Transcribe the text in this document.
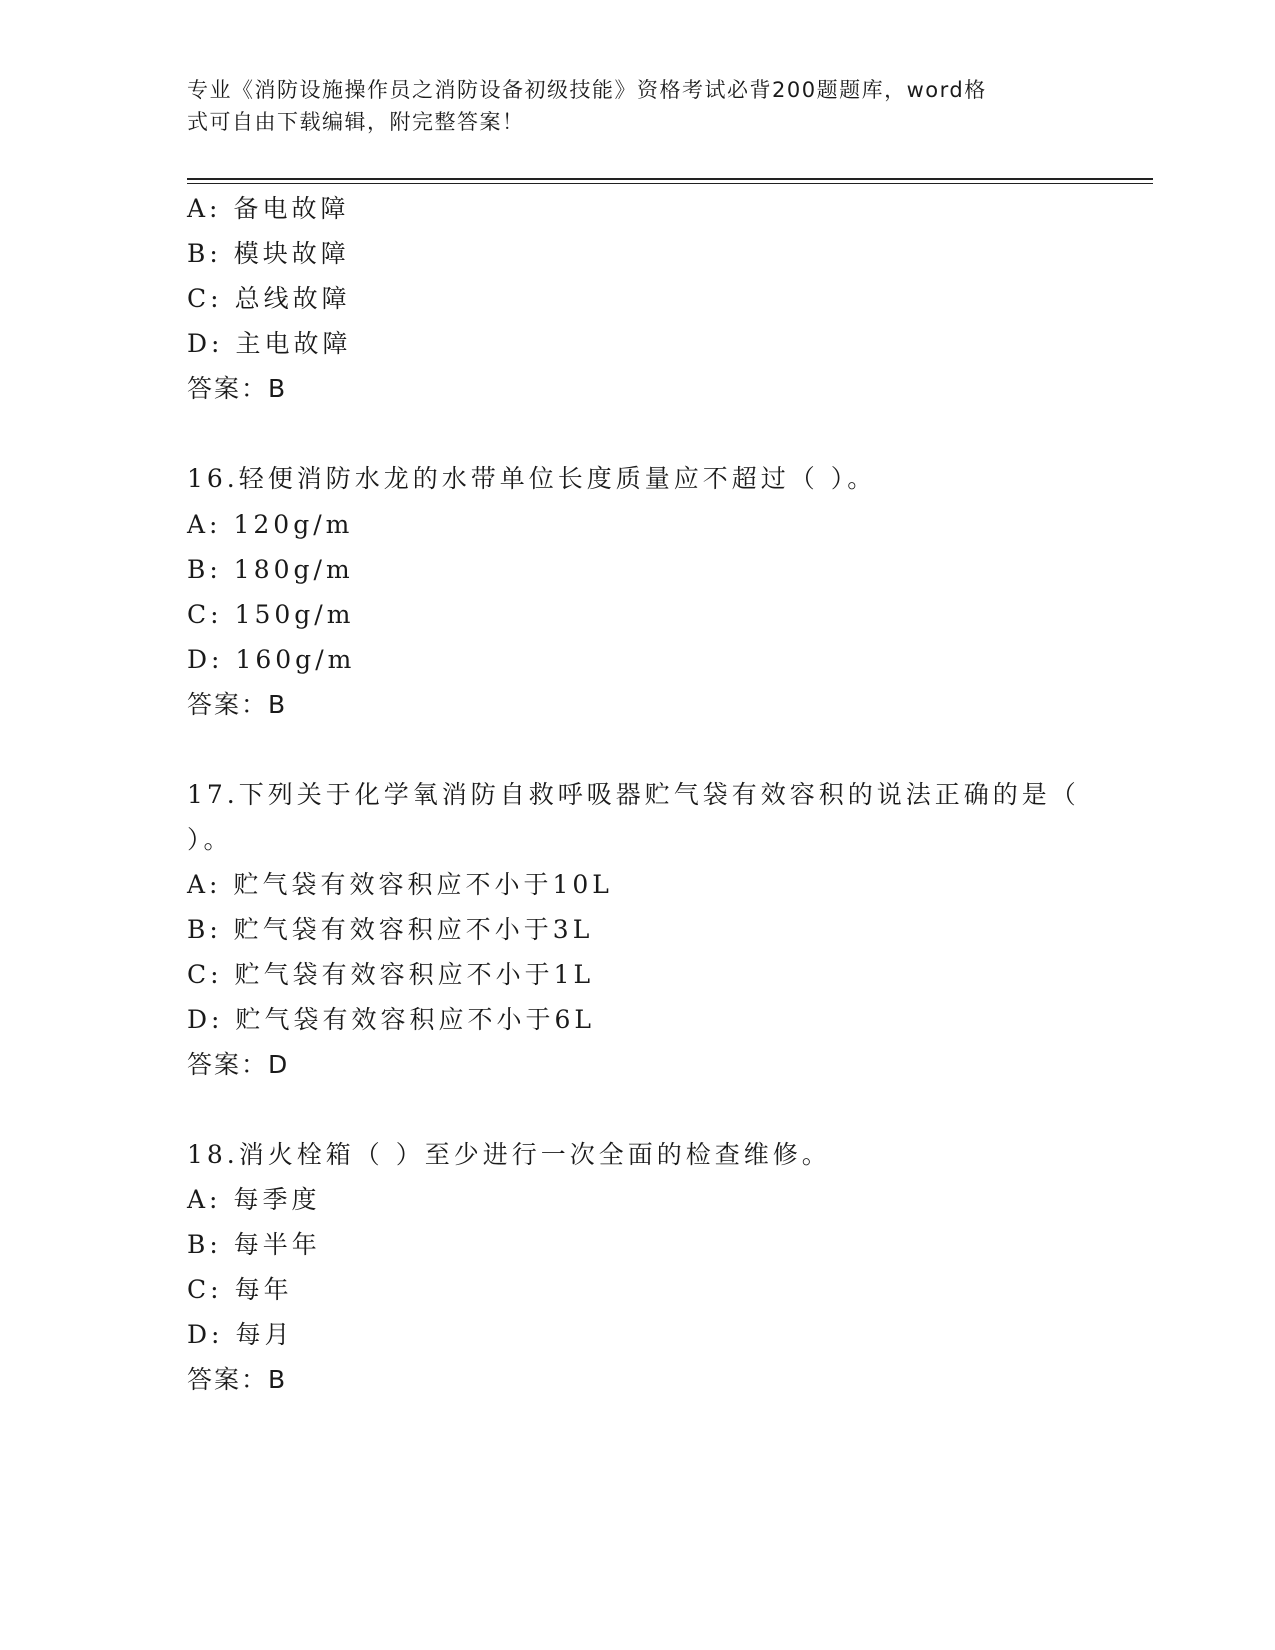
专业《消防设施操作员之消防设备初级技能》资格考试必背200题题库，word格
式可自由下载编辑，附完整答案！
A: 备电故障
B: 模块故障
C: 总线故障
D: 主电故障
答案：B
16.轻便消防水龙的水带单位长度质量应不超过（ ）。
A: 120g/m
B: 180g/m
C: 150g/m
D: 160g/m
答案：B
17.下列关于化学氧消防自救呼吸器贮气袋有效容积的说法正确的是（
）。
A: 贮气袋有效容积应不小于10L
B: 贮气袋有效容积应不小于3L
C: 贮气袋有效容积应不小于1L
D: 贮气袋有效容积应不小于6L
答案：D
18.消火栓箱（ ）至少进行一次全面的检查维修。
A: 每季度
B: 每半年
C: 每年
D: 每月
答案：B
